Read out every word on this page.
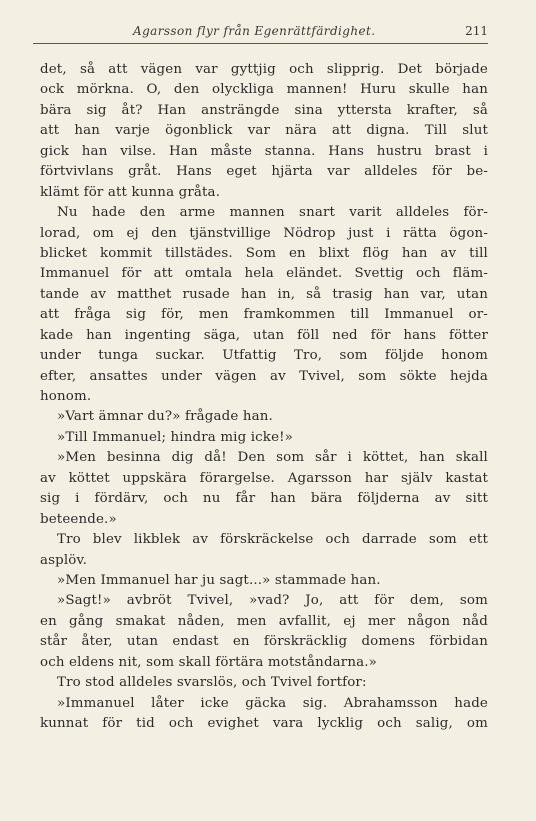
Agarsson flyr från Egenrättfärdighet.	211
det, så att vägen var gyttjig och slipprig. Det började
ock mörkna. O, den olyckliga mannen! Huru skulle han
bära sig åt? Han ansträngde sina yttersta krafter, så
att han varje ögonblick var nära att digna. Till slut
gick han vilse. Han måste stanna. Hans hustru brast i
förtvivlans gråt. Hans eget hjärta var alldeles för be-
klämt för att kunna gråta.
Nu hade den arme mannen snart varit alldeles för-
lorad, om ej den tjänstvillige Nödrop just i rätta ögon-
blicket kommit tillstädes. Som en blixt flög han av till
Immanuel för att omtala hela eländet. Svettig och fläm-
tande av matthet rusade han in, så trasig han var, utan
att fråga sig för, men framkommen till Immanuel or-
kade han ingenting säga, utan föll ned för hans fötter
under tunga suckar. Utfattig Tro, som följde honom
efter, ansattes under vägen av Tvivel, som sökte hejda
honom.
»Vart ämnar du?» frågade han.
»Till Immanuel; hindra mig icke!»
»Men besinna dig då! Den som sår i köttet, han skall
av köttet uppskära förargelse. Agarsson har själv kastat
sig i fördärv, och nu får han bära följderna av sitt
beteende.»
Tro blev likblek av förskräckelse och darrade som ett
asplöv.
»Men Immanuel har ju sagt...» stammade han.
»Sagt!» avbröt Tvivel, »vad? Jo, att för dem, som
en gång smakat nåden, men avfallit, ej mer någon nåd
står åter, utan endast en förskräcklig domens förbidan
och eldens nit, som skall förtära motståndarna.»
Tro stod alldeles svarslös, och Tvivel fortfor:
»Immanuel låter icke gäcka sig. Abrahamsson hade
kunnat för tid och evighet vara lycklig och salig, om
